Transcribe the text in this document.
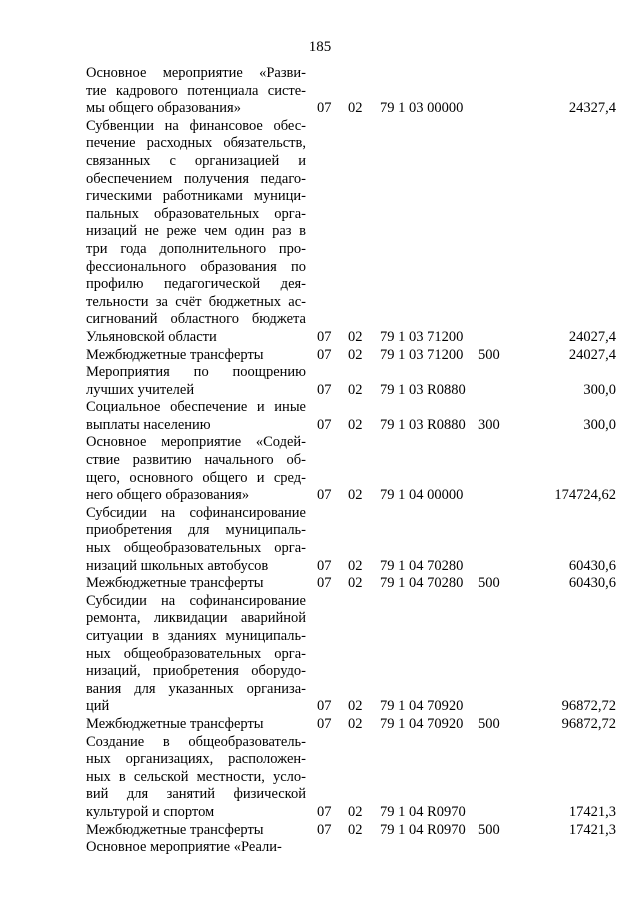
185
Основное мероприятие «Разви-
тие кадрового потенциала систе-
мы общего образования»	07 02 79 1 03 00000	24327,4
Субвенции на финансовое обес-
печение расходных обязательств,
связанных с организацией и
обеспечением получения педаго-
гическими работниками муници-
пальных образовательных орга-
низаций не реже чем один раз в
три года дополнительного про-
фессионального образования по
профилю педагогической дея-
тельности за счёт бюджетных ас-
сигнований областного бюджета
Ульяновской области	07 02 79 1 03 71200	24027,4
Межбюджетные трансферты	07 02 79 1 03 71200 500	24027,4
Мероприятия по поощрению
лучших учителей	07 02 79 1 03 R0880	300,0
Социальное обеспечение и иные
выплаты населению	07 02 79 1 03 R0880 300	300,0
Основное мероприятие «Содей-
ствие развитию начального об-
щего, основного общего и сред-
него общего образования»	07 02 79 1 04 00000	174724,62
Субсидии на софинансирование
приобретения для муниципаль-
ных общеобразовательных орга-
низаций школьных автобусов	07 02 79 1 04 70280	60430,6
Межбюджетные трансферты	07 02 79 1 04 70280 500	60430,6
Субсидии на софинансирование
ремонта, ликвидации аварийной
ситуации в зданиях муниципаль-
ных общеобразовательных орга-
низаций, приобретения оборудо-
вания для указанных организа-
ций	07 02 79 1 04 70920	96872,72
Межбюджетные трансферты	07 02 79 1 04 70920 500	96872,72
Создание в общеобразователь-
ных организациях, расположен-
ных в сельской местности, усло-
вий для занятий физической
культурой и спортом	07 02 79 1 04 R0970	17421,3
Межбюджетные трансферты	07 02 79 1 04 R0970 500	17421,3
Основное мероприятие «Реали-
